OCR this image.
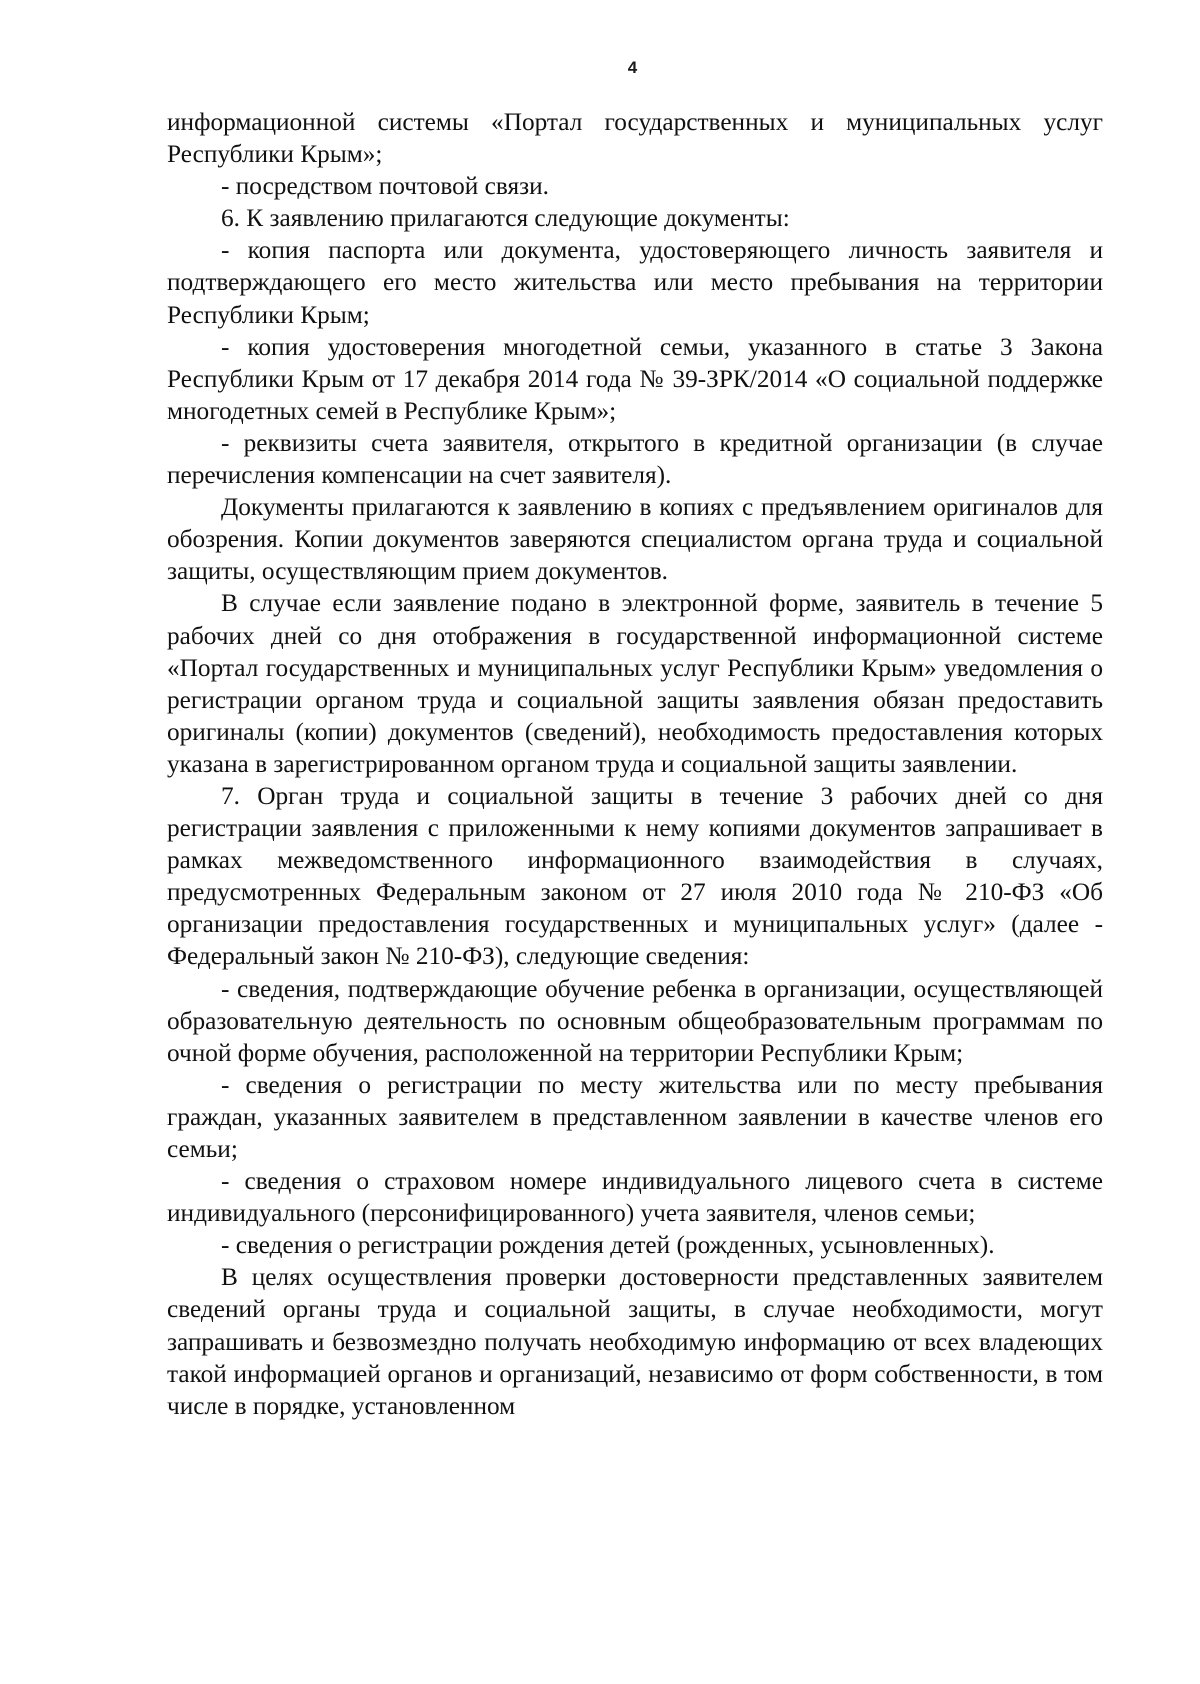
4

информационной системы «Портал государственных и муниципальных услуг Республики Крым»;

- посредством почтовой связи.

6. К заявлению прилагаются следующие документы:

- копия паспорта или документа, удостоверяющего личность заявителя и подтверждающего его место жительства или место пребывания на территории Республики Крым;

- копия удостоверения многодетной семьи, указанного в статье 3 Закона Республики Крым от 17 декабря 2014 года № 39-ЗРК/2014 «О социальной поддержке многодетных семей в Республике Крым»;

- реквизиты счета заявителя, открытого в кредитной организации (в случае перечисления компенсации на счет заявителя).

Документы прилагаются к заявлению в копиях с предъявлением оригиналов для обозрения. Копии документов заверяются специалистом органа труда и социальной защиты, осуществляющим прием документов.

В случае если заявление подано в электронной форме, заявитель в течение 5 рабочих дней со дня отображения в государственной информационной системе «Портал государственных и муниципальных услуг Республики Крым» уведомления о регистрации органом труда и социальной защиты заявления обязан предоставить оригиналы (копии) документов (сведений), необходимость предоставления которых указана в зарегистрированном органом труда и социальной защиты заявлении.

7. Орган труда и социальной защиты в течение 3 рабочих дней со дня регистрации заявления с приложенными к нему копиями документов запрашивает в рамках межведомственного информационного взаимодействия в случаях, предусмотренных Федеральным законом от 27 июля 2010 года № 210-ФЗ «Об организации предоставления государственных и муниципальных услуг» (далее - Федеральный закон № 210-ФЗ), следующие сведения:

- сведения, подтверждающие обучение ребенка в организации, осуществляющей образовательную деятельность по основным общеобразовательным программам по очной форме обучения, расположенной на территории Республики Крым;

- сведения о регистрации по месту жительства или по месту пребывания граждан, указанных заявителем в представленном заявлении в качестве членов его семьи;

- сведения о страховом номере индивидуального лицевого счета в системе индивидуального (персонифицированного) учета заявителя, членов семьи;

- сведения о регистрации рождения детей (рожденных, усыновленных).

В целях осуществления проверки достоверности представленных заявителем сведений органы труда и социальной защиты, в случае необходимости, могут запрашивать и безвозмездно получать необходимую информацию от всех владеющих такой информацией органов и организаций, независимо от форм собственности, в том числе в порядке, установленном
